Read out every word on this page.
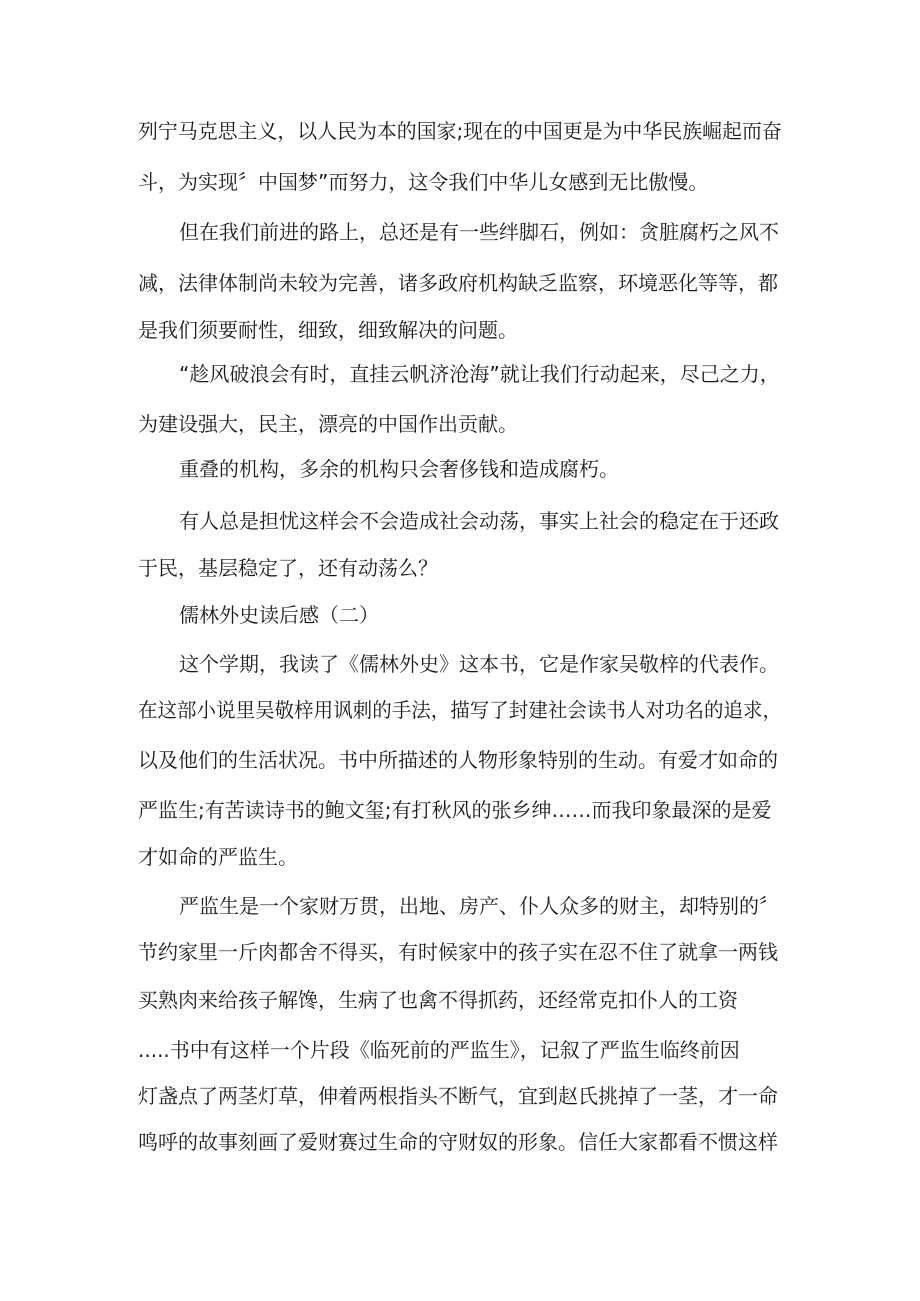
列宁马克思主义，以人民为本的国家;现在的中国更是为中华民族崛起而奋
斗，为实现〞中国梦”而努力，这令我们中华儿女感到无比傲慢。
但在我们前进的路上，总还是有一些绊脚石，例如：贪脏腐朽之风不
减，法律体制尚未较为完善，诸多政府机构缺乏监察，环境恶化等等，都
是我们须要耐性，细致，细致解决的问题。
“趁风破浪会有时，直挂云帆济沧海”就让我们行动起来，尽己之力，
为建设强大，民主，漂亮的中国作出贡献。
重叠的机构，多余的机构只会奢侈钱和造成腐朽。
有人总是担忧这样会不会造成社会动荡，事实上社会的稳定在于还政
于民，基层稳定了，还有动荡么？
儒林外史读后感（二）
这个学期，我读了《儒林外史》这本书，它是作家吴敬梓的代表作。
在这部小说里吴敬梓用讽刺的手法，描写了封建社会读书人对功名的追求，
以及他们的生活状况。书中所描述的人物形象特别的生动。有爱才如命的
严监生;有苦读诗书的鲍文玺;有打秋风的张乡绅……而我印象最深的是爱
才如命的严监生。
严监生是一个家财万贯，出地、房产、仆人众多的财主，却特别的〞
节约家里一斤肉都舍不得买，有时候家中的孩子实在忍不住了就拿一两钱
买熟肉来给孩子解馋，生病了也禽不得抓药，还经常克扣仆人的工资
.....书中有这样一个片段《临死前的严监生》，记叙了严监生临终前因
灯盏点了两茎灯草，伸着两根指头不断气，宜到赵氏挑掉了一茎，才一命
鸣呼的故事刻画了爱财赛过生命的守财奴的形象。信任大家都看不惯这样
